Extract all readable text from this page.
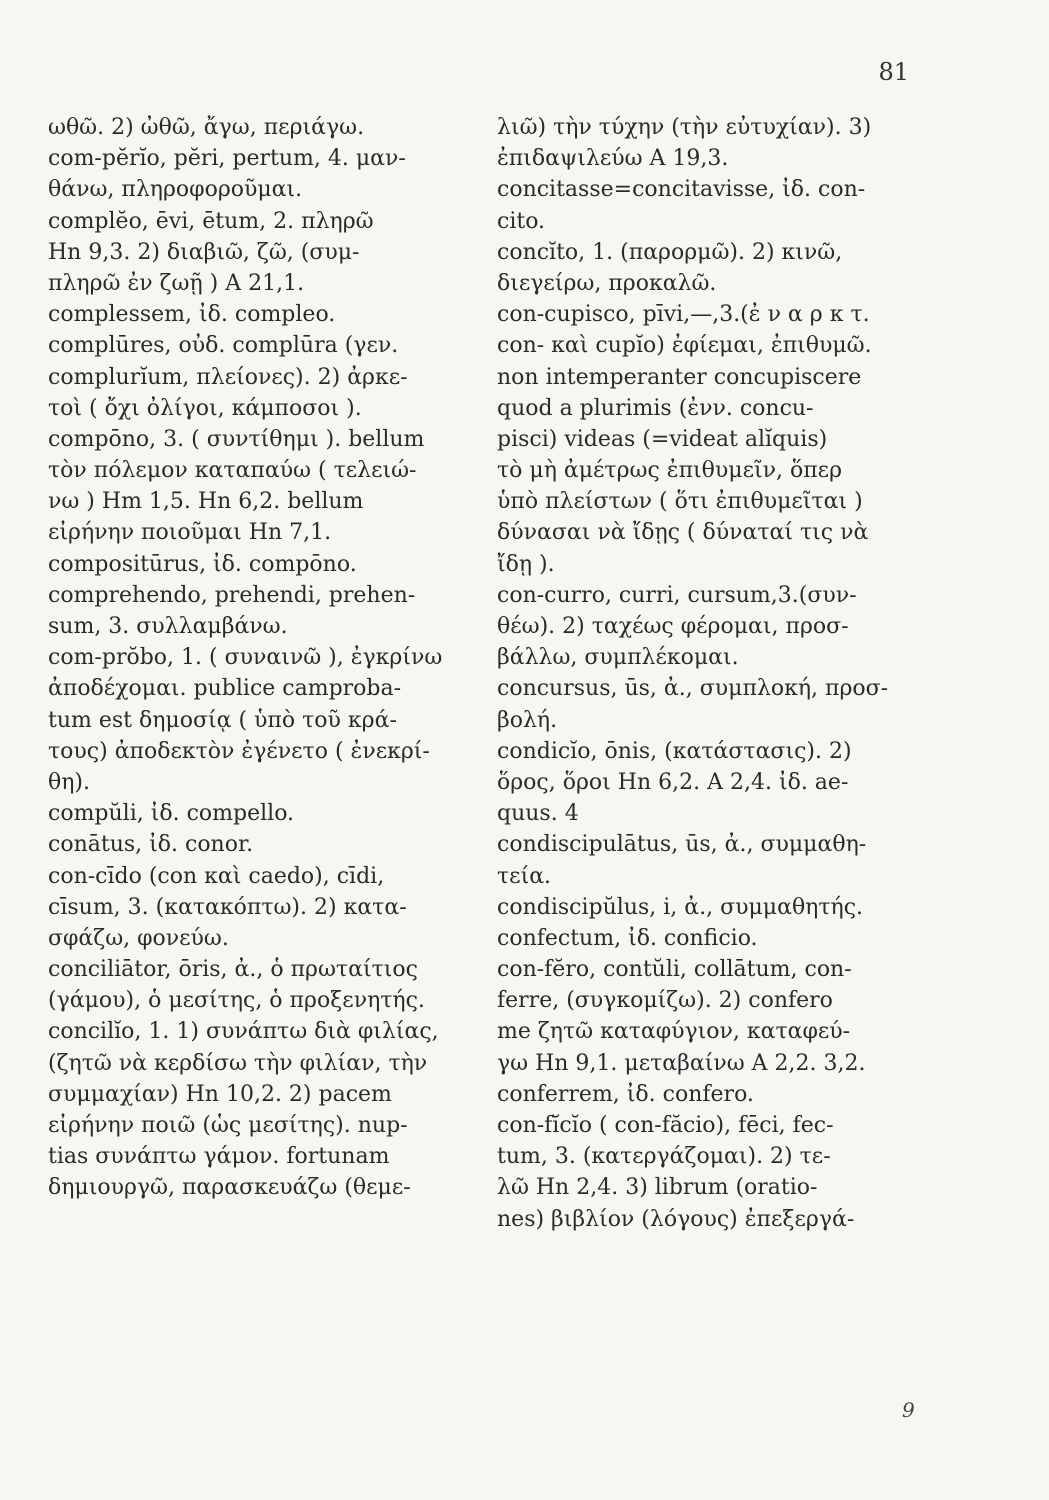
81
ωθῶ. 2) ὠθῶ, ἄγω, περιάγω.
com-pĕrĭo, pĕri, pertum, 4. μαν-
θάνω, πληροφοροῦμαι.
complĕo, ēvi, ētum, 2. πληρῶ
Hn 9,3. 2) διαβιῶ, ζῶ, (συμ-
πληρῶ ἐν ζωῇ ) A 21,1.
complessem, ἰδ. compleo.
complūres, οὐδ. complūra (γεν.
complurĭum, πλείονες). 2) ἀρκε-
τοὶ ( ὄχι ὀλίγοι, κάμποσοι ).
compōno, 3. ( συντίθημι ). bellum
τὸν πόλεμον καταπαύω ( τελειώ-
νω ) Hm 1,5. Hn 6,2. bellum
εἰρήνην ποιοῦμαι Hn 7,1.
compositūrus, ἰδ. compōno.
comprehendo, prehendi, prehen-
sum, 3. συλλαμβάνω.
com-prŏbo, 1. ( συναινῶ ), ἐγκρίνω
ἀποδέχομαι. publice camproba-
tum est δημοσίᾳ ( ὑπὸ τοῦ κρά-
τους) ἀποδεκτὸν ἐγένετο ( ἐνεκρί-
θη).
compŭli, ἰδ. compello.
conātus, ἰδ. conor.
con-cīdo (con καὶ caedo), cīdi,
cīsum, 3. (κατακόπτω). 2) κατα-
σφάζω, φονεύω.
conciliātor, ōris, ἀ., ὁ πρωταίτιος
(γάμου), ὁ μεσίτης, ὁ προξενητής.
concilĭo, 1. 1) συνάπτω διὰ φιλίας,
(ζητῶ νὰ κερδίσω τὴν φιλίαν, τὴν
συμμαχίαν) Hn 10,2. 2) pacem
εἰρήνην ποιῶ (ὡς μεσίτης). nup-
tias συνάπτω γάμον. fortunam
δημιουργῶ, παρασκευάζω (θεμε-
λιῶ) τὴν τύχην (τὴν εὐτυχίαν). 3)
ἐπιδαψιλεύω A 19,3.
concitasse=concitavisse, ἰδ. con-
cito.
concĭto, 1. (παρορμῶ). 2) κινῶ,
διεγείρω, προκαλῶ.
con-cupisco, pīvi,—,3.(ἐ ν α ρ κ τ.
con- καὶ cupĭo) ἐφίεμαι, ἐπιθυμῶ.
non intemperanter concupiscere
quod a plurimis (ἐνν. concu-
pisci) videas (=videat alĭquis)
τὸ μὴ ἀμέτρως ἐπιθυμεῖν, ὅπερ
ὑπὸ πλείστων ( ὅτι ἐπιθυμεῖται )
δύνασαι νὰ ἴδῃς ( δύναταί τις νὰ
ἴδῃ ).
con-curro, curri, cursum,3.(συν-
θέω). 2) ταχέως φέρομαι, προσ-
βάλλω, συμπλέκομαι.
concursus, ūs, ἀ., συμπλοκή, προσ-
βολή.
condicĭo, ōnis, (κατάστασις). 2)
ὅρος, ὅροι Hn 6,2. A 2,4. ἰδ. ae-
quus. 4
condiscipulātus, ūs, ἀ., συμμαθη-
τεία.
condiscipŭlus, i, ἀ., συμμαθητής.
confectum, ἰδ. conficio.
con-fĕro, contŭli, collātum, con-
ferre, (συγκομίζω). 2) confero
me ζητῶ καταφύγιον, καταφεύ-
γω Hn 9,1. μεταβαίνω A 2,2. 3,2.
conferrem, ἰδ. confero.
con-fĭcĭo ( con-făcio), fēci, fec-
tum, 3. (κατεργάζομαι). 2) τε-
λῶ Hn 2,4. 3) librum (oratio-
nes) βιβλίον (λόγους) ἐπεξεργά-
9
